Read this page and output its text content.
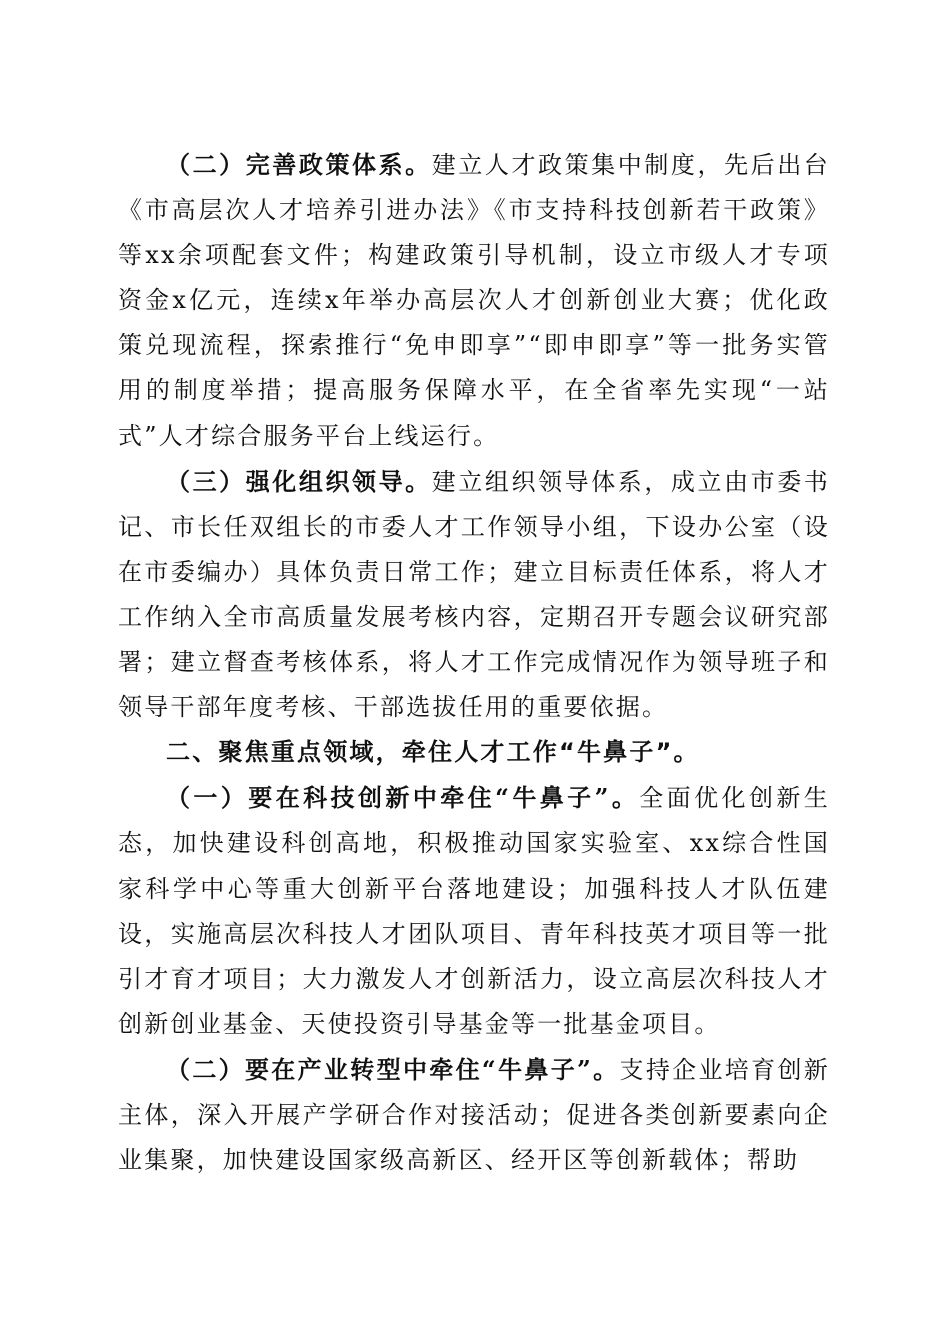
（二）完善政策体系。建立人才政策集中制度，先后出台《市高层次人才培养引进办法》《市支持科技创新若干政策》等xx余项配套文件；构建政策引导机制，设立市级人才专项资金x亿元，连续x年举办高层次人才创新创业大赛；优化政策兑现流程，探索推行“免申即享”“即申即享”等一批务实管用的制度举措；提高服务保障水平，在全省率先实现“一站式”人才综合服务平台上线运行。

（三）强化组织领导。建立组织领导体系，成立由市委书记、市长任双组长的市委人才工作领导小组，下设办公室（设在市委编办）具体负责日常工作；建立目标责任体系，将人才工作纳入全市高质量发展考核内容，定期召开专题会议研究部署；建立督查考核体系，将人才工作完成情况作为领导班子和领导干部年度考核、干部选拔任用的重要依据。

二、聚焦重点领域，牵住人才工作“牛鼻子”。

（一）要在科技创新中牵住“牛鼻子”。全面优化创新生态，加快建设科创高地，积极推动国家实验室、xx综合性国家科学中心等重大创新平台落地建设；加强科技人才队伍建设，实施高层次科技人才团队项目、青年科技英才项目等一批引才育才项目；大力激发人才创新活力，设立高层次科技人才创新创业基金、天使投资引导基金等一批基金项目。

（二）要在产业转型中牵住“牛鼻子”。支持企业培育创新主体，深入开展产学研合作对接活动；促进各类创新要素向企业集聚，加快建设国家级高新区、经开区等创新载体；帮助
